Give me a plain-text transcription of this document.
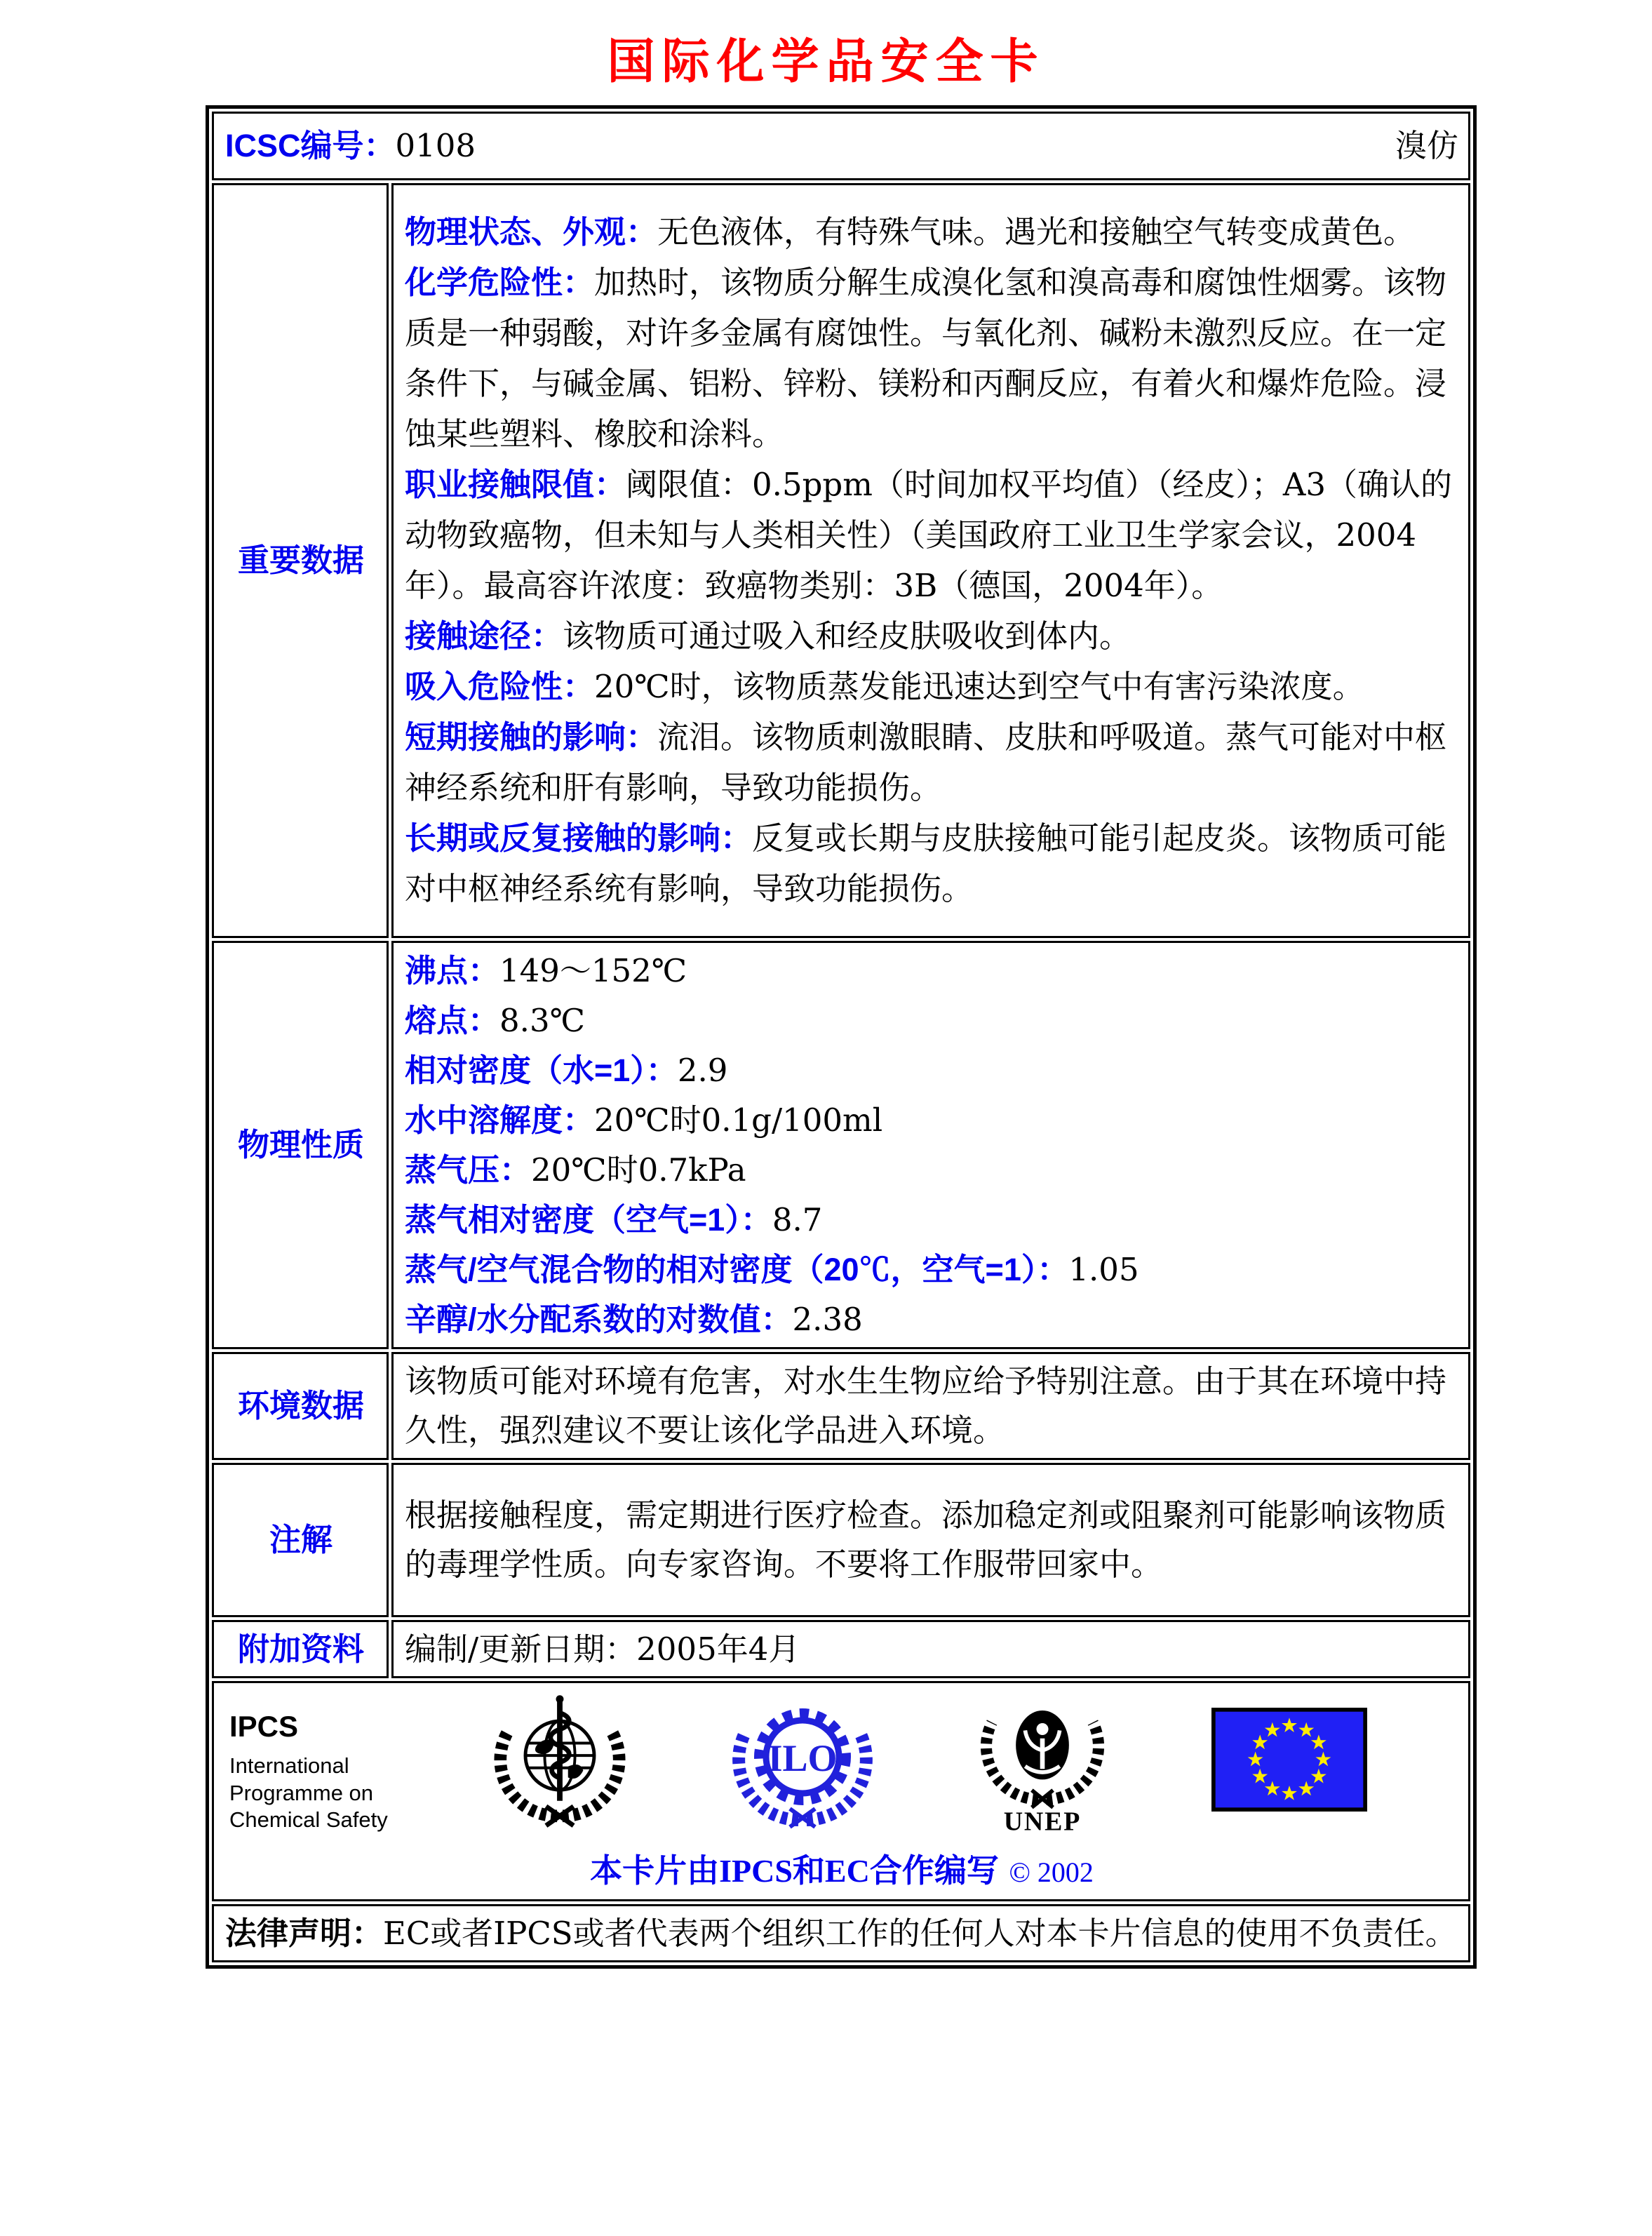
国际化学品安全卡
ICSC编号：0108 溴仿	

重要数据	
物理状态、外观：无色液体，有特殊气味。遇光和接触空气转变成黄色。
化学危险性：加热时，该物质分解生成溴化氢和溴高毒和腐蚀性烟雾。该物质是一种弱酸，对许多金属有腐蚀性。与氧化剂、碱粉未激烈反应。在一定条件下，与碱金属、铝粉、锌粉、镁粉和丙酮反应，有着火和爆炸危险。浸蚀某些塑料、橡胶和涂料。
职业接触限值：阈限值：0.5ppm（时间加权平均值）（经皮）；A3（确认的动物致癌物，但未知与人类相关性）（美国政府工业卫生学家会议，2004年）。最高容许浓度：致癌物类别：3B（德国，2004年）。
接触途径：该物质可通过吸入和经皮肤吸收到体内。
吸入危险性：20℃时，该物质蒸发能迅速达到空气中有害污染浓度。
短期接触的影响：流泪。该物质刺激眼睛、皮肤和呼吸道。蒸气可能对中枢神经系统和肝有影响，导致功能损伤。
长期或反复接触的影响：反复或长期与皮肤接触可能引起皮炎。该物质可能对中枢神经系统有影响，导致功能损伤。

物理性质	
沸点：149～152℃
熔点：8.3℃
相对密度（水=1）：2.9
水中溶解度：20℃时0.1g/100ml
蒸气压：20℃时0.7kPa
蒸气相对密度（空气=1）：8.7
蒸气/空气混合物的相对密度（20℃，空气=1）：1.05
辛醇/水分配系数的对数值：2.38

环境数据	该物质可能对环境有危害，对水生生物应给予特别注意。由于其在环境中持久性，强烈建议不要让该化学品进入环境。
注解	根据接触程度，需定期进行医疗检查。添加稳定剂或阻聚剂可能影响该物质的毒理学性质。向专家咨询。不要将工作服带回家中。
附加资料	编制/更新日期：2005年4月

IPCS
International
Programme on
Chemical Safety
ILO
UNEP
本卡片由IPCS和EC合作编写 © 2002

法律声明：EC或者IPCS或者代表两个组织工作的任何人对本卡片信息的使用不负责任。	
